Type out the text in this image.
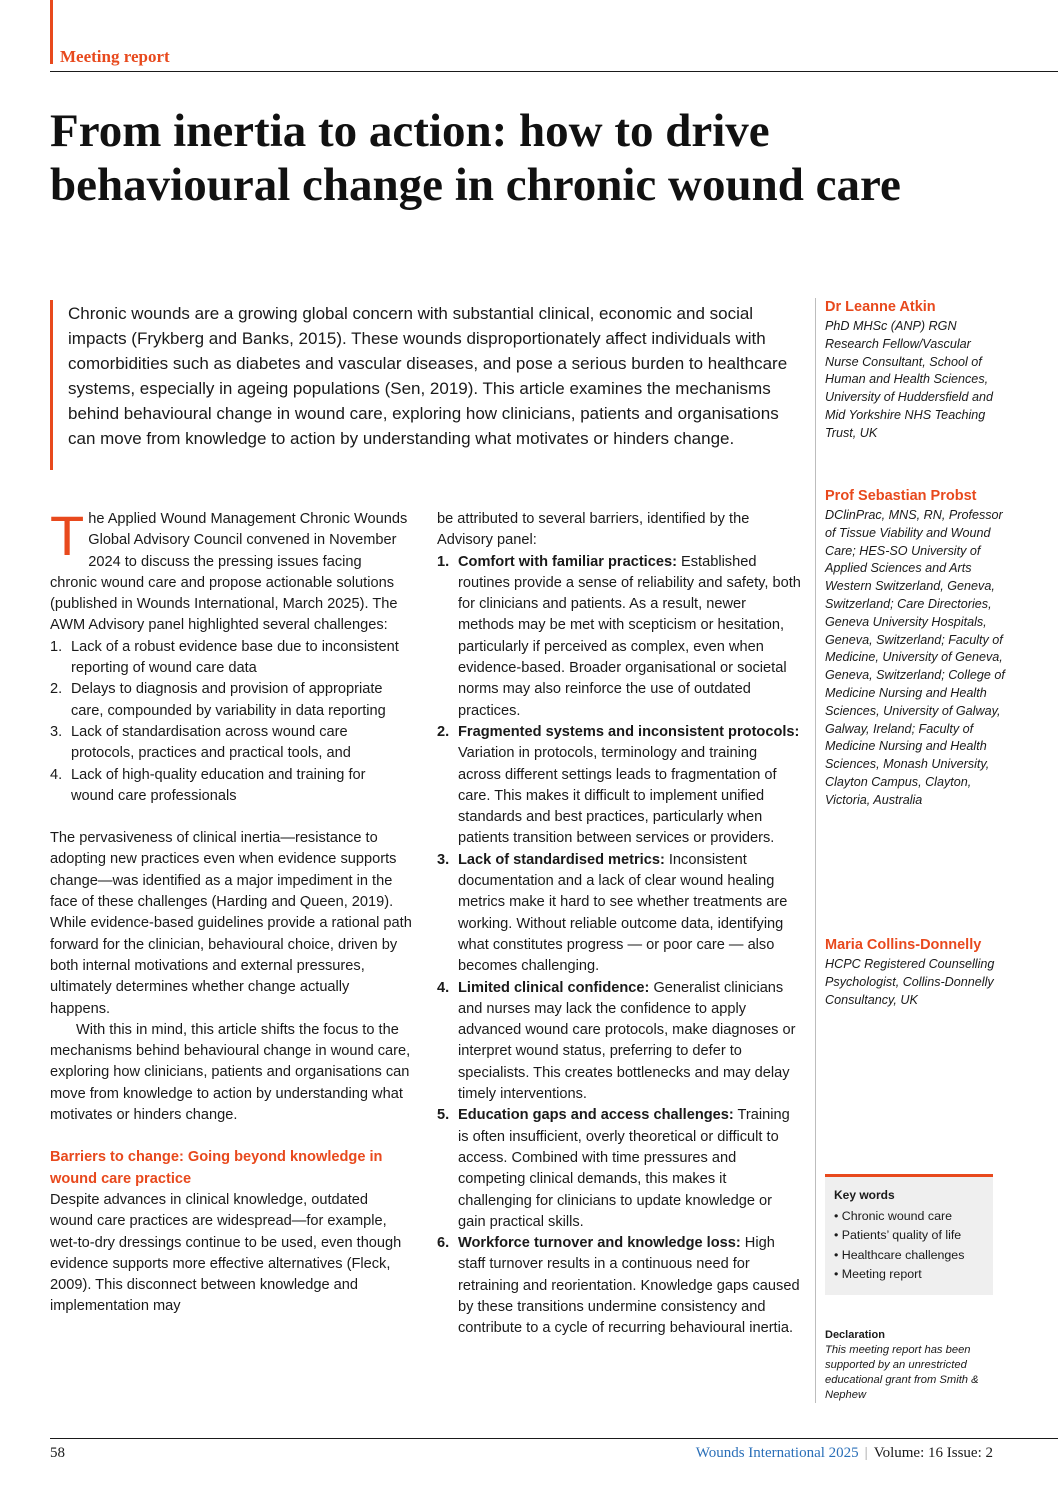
Meeting report
From inertia to action: how to drive behavioural change in chronic wound care

Chronic wounds are a growing global concern with substantial clinical, economic and social impacts (Frykberg and Banks, 2015). These wounds disproportionately affect individuals with comorbidities such as diabetes and vascular diseases, and pose a serious burden to healthcare systems, especially in ageing populations (Sen, 2019). This article examines the mechanisms behind behavioural change in wound care, exploring how clinicians, patients and organisations can move from knowledge to action by understanding what motivates or hinders change.

The Applied Wound Management Chronic Wounds Global Advisory Council convened in November 2024 to discuss the pressing issues facing chronic wound care and propose actionable solutions (published in Wounds International, March 2025). The AWM Advisory panel highlighted several challenges:

1. Lack of a robust evidence base due to inconsistent reporting of wound care data
2. Delays to diagnosis and provision of appropriate care, compounded by variability in data reporting
3. Lack of standardisation across wound care protocols, practices and practical tools, and
4. Lack of high-quality education and training for wound care professionals

The pervasiveness of clinical inertia—resistance to adopting new practices even when evidence supports change—was identified as a major impediment in the face of these challenges (Harding and Queen, 2019). While evidence-based guidelines provide a rational path forward for the clinician, behavioural choice, driven by both internal motivations and external pressures, ultimately determines whether change actually happens.

With this in mind, this article shifts the focus to the mechanisms behind behavioural change in wound care, exploring how clinicians, patients and organisations can move from knowledge to action by understanding what motivates or hinders change.

Barriers to change: Going beyond knowledge in wound care practice

Despite advances in clinical knowledge, outdated wound care practices are widespread—for example, wet-to-dry dressings continue to be used, even though evidence supports more effective alternatives (Fleck, 2009). This disconnect between knowledge and implementation may

be attributed to several barriers, identified by the Advisory panel:

1. Comfort with familiar practices: Established routines provide a sense of reliability and safety, both for clinicians and patients. As a result, newer methods may be met with scepticism or hesitation, particularly if perceived as complex, even when evidence-based. Broader organisational or societal norms may also reinforce the use of outdated practices.
2. Fragmented systems and inconsistent protocols: Variation in protocols, terminology and training across different settings leads to fragmentation of care. This makes it difficult to implement unified standards and best practices, particularly when patients transition between services or providers.
3. Lack of standardised metrics: Inconsistent documentation and a lack of clear wound healing metrics make it hard to see whether treatments are working. Without reliable outcome data, identifying what constitutes progress — or poor care — also becomes challenging.
4. Limited clinical confidence: Generalist clinicians and nurses may lack the confidence to apply advanced wound care protocols, make diagnoses or interpret wound status, preferring to defer to specialists. This creates bottlenecks and may delay timely interventions.
5. Education gaps and access challenges: Training is often insufficient, overly theoretical or difficult to access. Combined with time pressures and competing clinical demands, this makes it challenging for clinicians to update knowledge or gain practical skills.
6. Workforce turnover and knowledge loss: High staff turnover results in a continuous need for retraining and reorientation. Knowledge gaps caused by these transitions undermine consistency and contribute to a cycle of recurring behavioural inertia.

Dr Leanne Atkin

PhD MHSc (ANP) RGN Research Fellow/Vascular Nurse Consultant, School of Human and Health Sciences, University of Huddersfield and Mid Yorkshire NHS Teaching Trust, UK

Prof Sebastian Probst

DClinPrac, MNS, RN, Professor of Tissue Viability and Wound Care; HES-SO University of Applied Sciences and Arts Western Switzerland, Geneva, Switzerland; Care Directories, Geneva University Hospitals, Geneva, Switzerland; Faculty of Medicine, University of Geneva, Geneva, Switzerland; College of Medicine Nursing and Health Sciences, University of Galway, Galway, Ireland; Faculty of Medicine Nursing and Health Sciences, Monash University, Clayton Campus, Clayton, Victoria, Australia

Maria Collins-Donnelly

HCPC Registered Counselling Psychologist, Collins-Donnelly Consultancy, UK

Key words
• Chronic wound care
• Patients’ quality of life
• Healthcare challenges
• Meeting report
Declaration

This meeting report has been supported by an unrestricted educational grant from Smith & Nephew

58	Wounds International 2025 | Volume: 16 Issue: 2
